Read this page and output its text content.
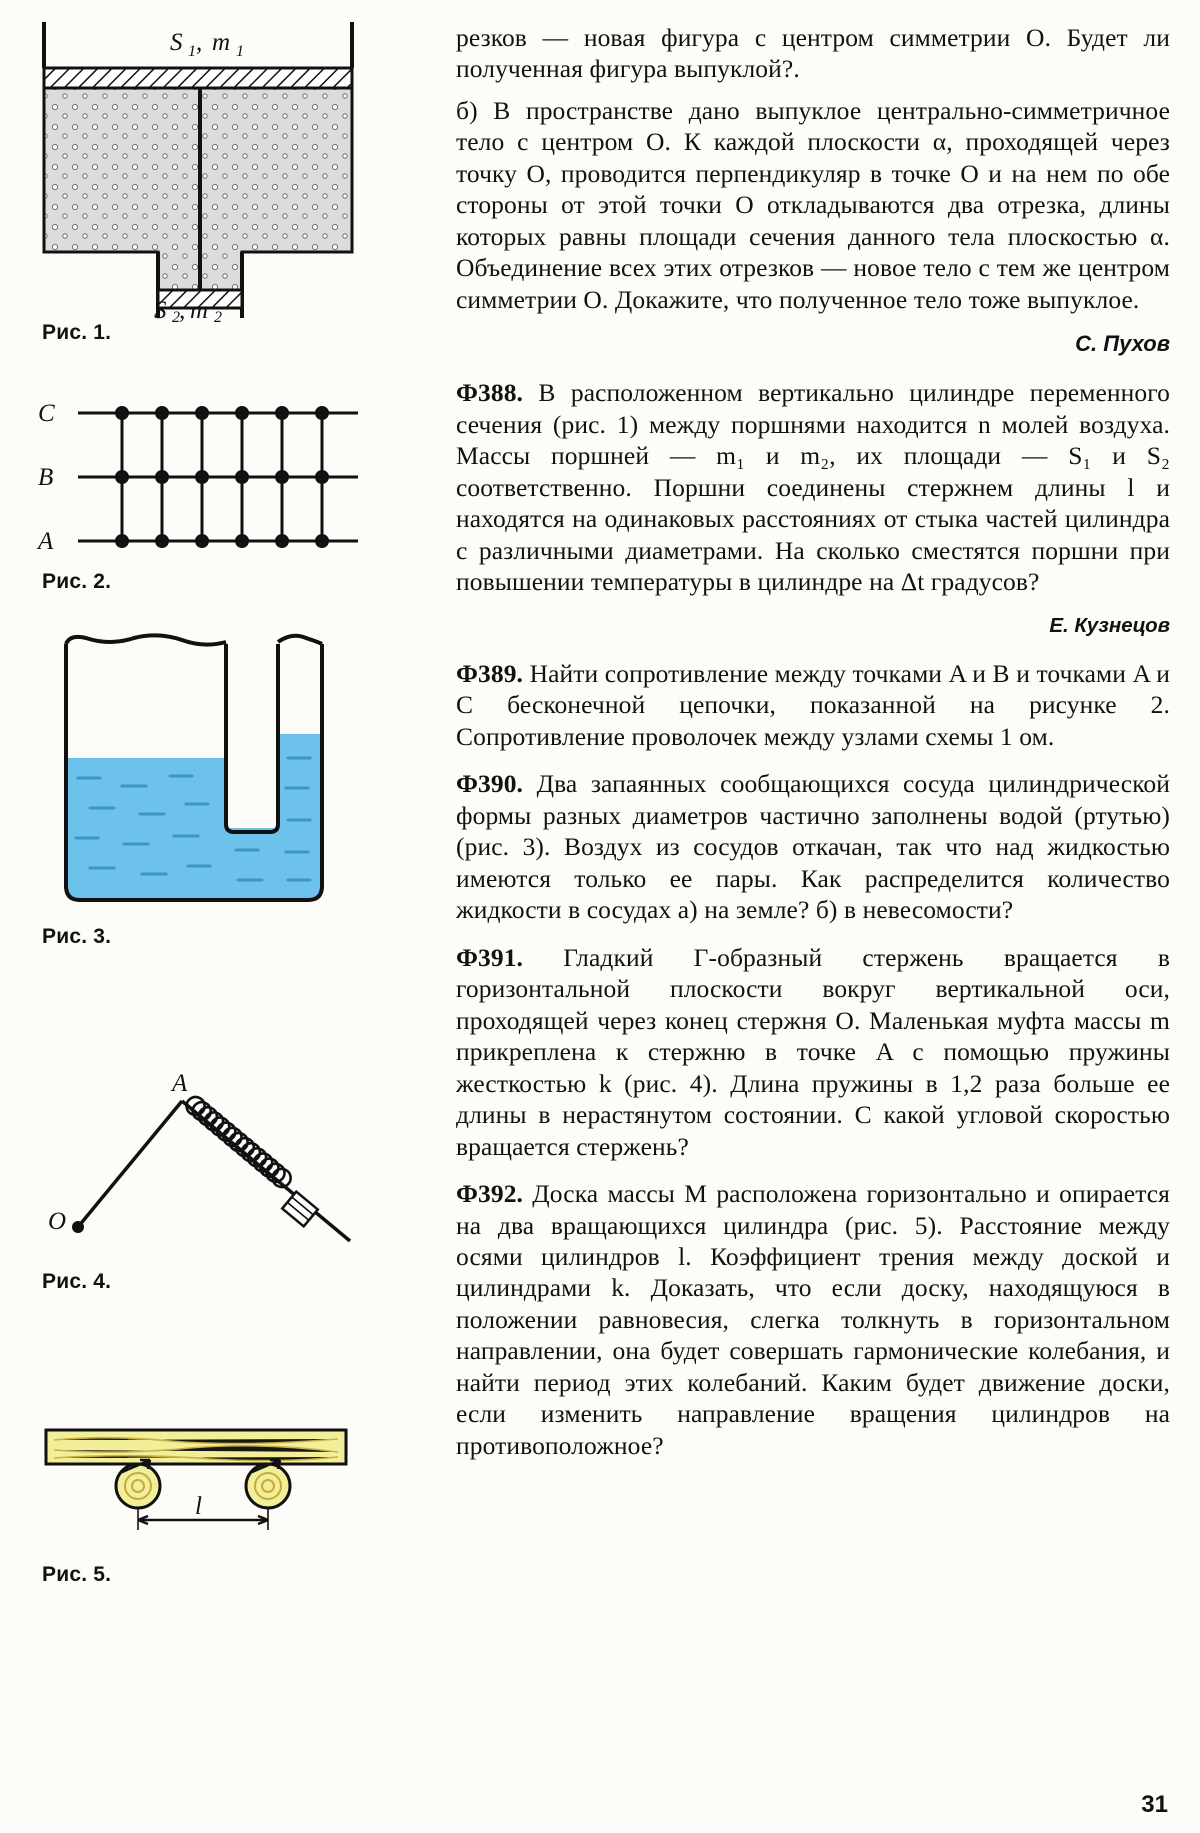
S 1 , m 1
S 2 , m 2
Рис. 1.
C
B
A
Рис. 2.
Рис. 3.
A
O
Рис. 4.
l
Рис. 5.

резков — новая фигура с центром симметрии O. Будет ли полученная фигура выпуклой?.

б) В пространстве дано выпуклое центрально-симметричное тело с центром O. К каждой плоскости α, проходящей через точку O, проводится перпендикуляр в точке O и на нем по обе стороны от этой точки O откладываются два отрезка, длины которых равны площади сечения данного тела плоскостью α. Объединение всех этих отрезков — новое тело с тем же центром симметрии O. Докажите, что полученное тело тоже выпуклое.

С. Пухов

Ф388. В расположенном вертикально цилиндре переменного сечения (рис. 1) между поршнями находится n молей воздуха. Массы поршней — m₁ и m₂, их площади — S₁ и S₂ соответственно. Поршни соединены стержнем длины l и находятся на одинаковых расстояниях от стыка частей цилиндра с различными диаметрами. На сколько сместятся поршни при повышении температуры в цилиндре на Δt градусов?

Е. Кузнецов

Ф389. Найти сопротивление между точками A и B и точками A и C бесконечной цепочки, показанной на рисунке 2. Сопротивление проволочек между узлами схемы 1 ом.

Ф390. Два запаянных сообщающихся сосуда цилиндрической формы разных диаметров частично заполнены водой (ртутью) (рис. 3). Воздух из сосудов откачан, так что над жидкостью имеются только ее пары. Как распределится количество жидкости в сосудах а) на земле? б) в невесомости?

Ф391. Гладкий Г-образный стержень вращается в горизонтальной плоскости вокруг вертикальной оси, проходящей через конец стержня O. Маленькая муфта массы m прикреплена к стержню в точке A с помощью пружины жесткостью k (рис. 4). Длина пружины в 1,2 раза больше ее длины в нерастянутом состоянии. С какой угловой скоростью вращается стержень?

Ф392. Доска массы M расположена горизонтально и опирается на два вращающихся цилиндра (рис. 5). Расстояние между осями цилиндров l. Коэффициент трения между доской и цилиндрами k. Доказать, что если доску, находящуюся в положении равновесия, слегка толкнуть в горизонтальном направлении, она будет совершать гармонические колебания, и найти период этих колебаний. Каким будет движение доски, если изменить направление вращения цилиндров на противоположное?

31
